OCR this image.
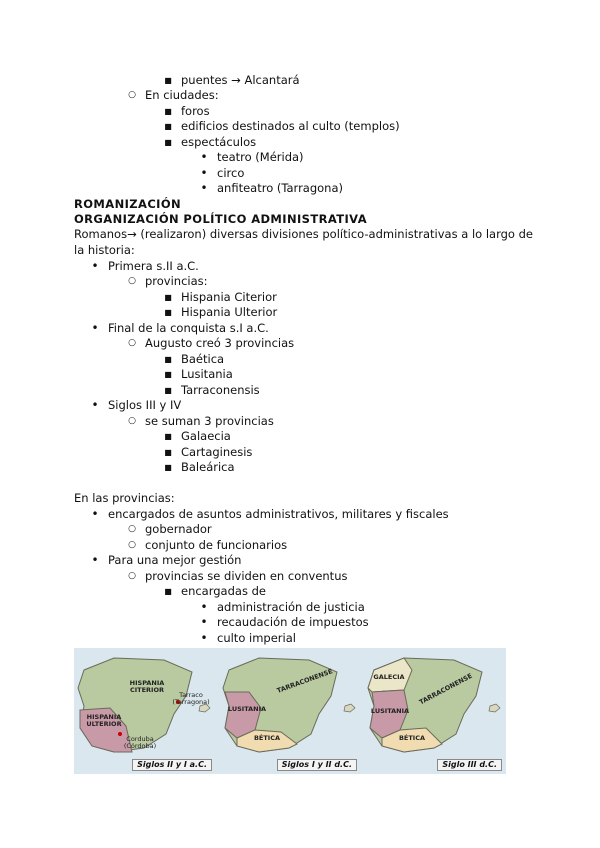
■ puentes → Alcantará
○ En ciudades:
■ foros
■ edificios destinados al culto (templos)
■ espectáculos
• teatro (Mérida)
• circo
• anfiteatro (Tarragona)
ROMANIZACIÓN
ORGANIZACIÓN POLÍTICO ADMINISTRATIVA
Romanos→ (realizaron) diversas divisiones político-administrativas a lo largo de
la historia:
• Primera s.II a.C.
○ provincias:
■ Hispania Citerior
■ Hispania Ulterior
• Final de la conquista s.I a.C.
○ Augusto creó 3 provincias
■ Baética
■ Lusitania
■ Tarraconensis
• Siglos III y IV
○ se suman 3 provincias
■ Galaecia
■ Cartaginesis
■ Baleárica
En las provincias:
• encargados de asuntos administrativos, militares y fiscales
○ gobernador
○ conjunto de funcionarios
• Para una mejor gestión
○ provincias se dividen en conventus
■ encargadas de
• administración de justicia
• recaudación de impuestos
• culto imperial
HISPANIA CITERIOR
HISPANIA ULTERIOR
Tarraco (Tarragona)
Corduba (Córdoba)
Siglos II y I a.C.
TARRACONENSE
LUSITANIA
BÉTICA
Siglos I y II d.C.
GALECIA TARRACONENSE
LUSITANIA
BÉTICA
Siglo III d.C.
